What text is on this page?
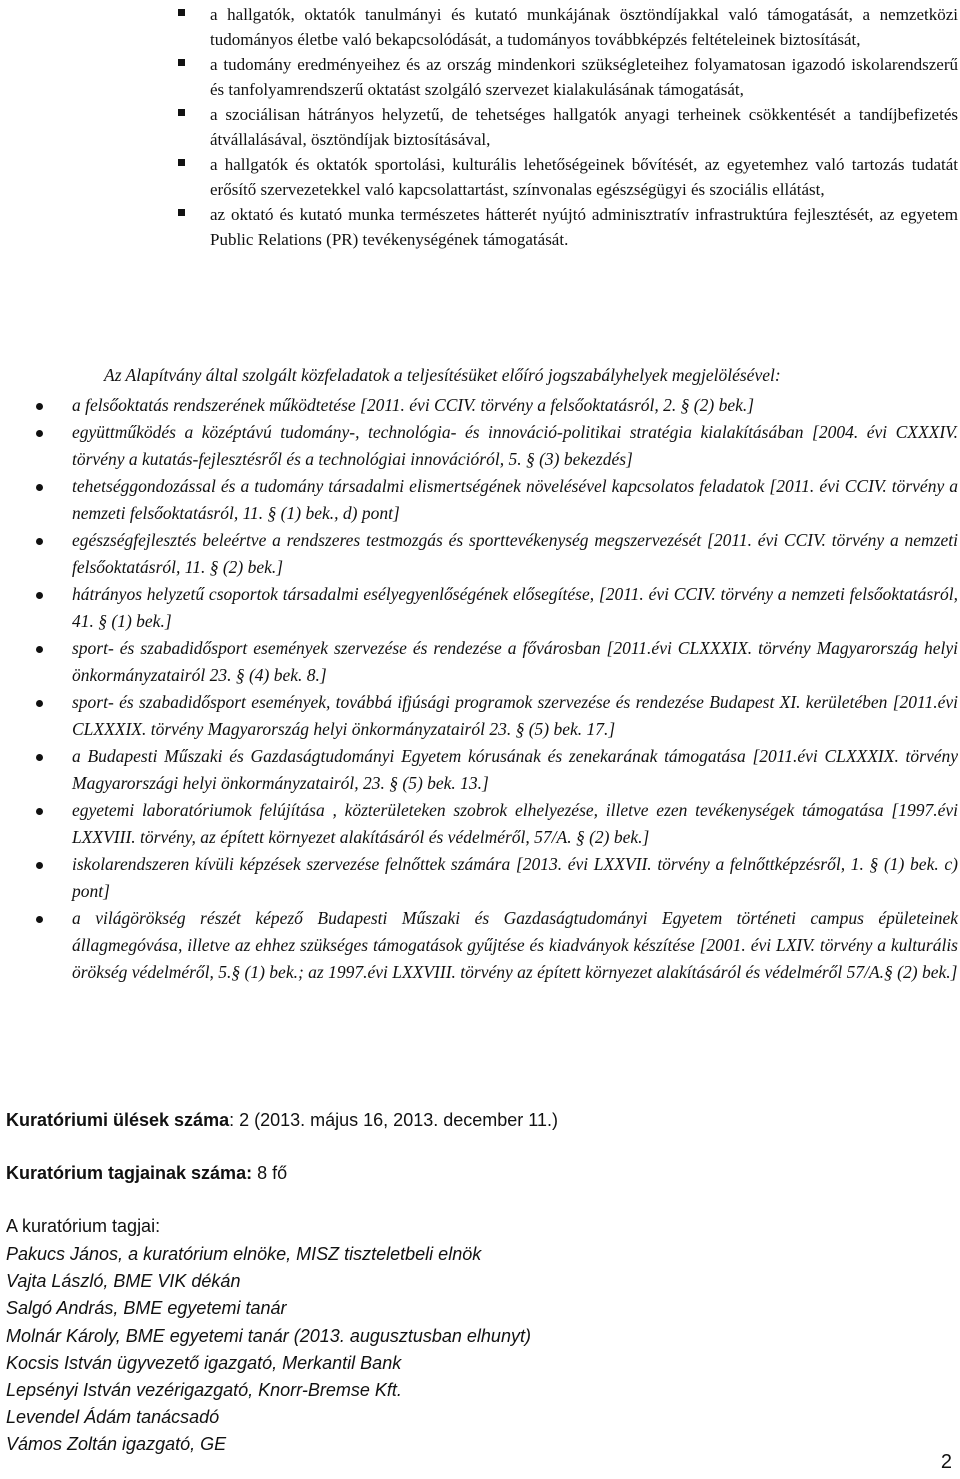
a hallgatók, oktatók tanulmányi és kutató munkájának ösztöndíjakkal való támogatását, a nemzetközi tudományos életbe való bekapcsolódását, a tudományos továbbképzés feltételeinek biztosítását,
a tudomány eredményeihez és az ország mindenkori szükségleteihez folyamatosan igazodó iskolarendszerű és tanfolyamrendszerű oktatást szolgáló szervezet kialakulásának támogatását,
a szociálisan hátrányos helyzetű, de tehetséges hallgatók anyagi terheinek csökkentését a tandíjbefizetés átvállalásával, ösztöndíjak biztosításával,
a hallgatók és oktatók sportolási, kulturális lehetőségeinek bővítését, az egyetemhez való tartozás tudatát erősítő szervezetekkel való kapcsolattartást, színvonalas egészségügyi és szociális ellátást,
az oktató és kutató munka természetes hátterét nyújtó adminisztratív infrastruktúra fejlesztését, az egyetem Public Relations (PR) tevékenységének támogatását.
Az Alapítvány által szolgált közfeladatok a teljesítésüket előíró jogszabályhelyek megjelölésével:
a felsőoktatás rendszerének működtetése [2011. évi CCIV. törvény a felsőoktatásról, 2. § (2) bek.]
együttműködés a középtávú tudomány-, technológia- és innováció-politikai stratégia kialakításában [2004. évi CXXXIV. törvény a kutatás-fejlesztésről és a technológiai innovációról, 5. § (3) bekezdés]
tehetséggondozással és a tudomány társadalmi elismertségének növelésével kapcsolatos feladatok [2011. évi CCIV. törvény a nemzeti felsőoktatásról, 11. § (1) bek., d) pont]
egészségfejlesztés beleértve a rendszeres testmozgás és sporttevékenység megszervezését [2011. évi CCIV. törvény a nemzeti felsőoktatásról, 11. § (2) bek.]
hátrányos helyzetű csoportok társadalmi esélyegyenlőségének elősegítése, [2011. évi CCIV. törvény a nemzeti felsőoktatásról, 41. § (1) bek.]
sport- és szabadidősport események szervezése és rendezése a fővárosban [2011.évi CLXXXIX. törvény Magyarország helyi önkormányzatairól 23. § (4) bek. 8.]
sport- és szabadidősport események, továbbá ifjúsági programok szervezése és rendezése Budapest XI. kerületében [2011.évi CLXXXIX. törvény Magyarország helyi önkormányzatairól 23. § (5) bek. 17.]
a Budapesti Műszaki és Gazdaságtudományi Egyetem kórusának és zenekarának támogatása [2011.évi CLXXXIX. törvény Magyarországi helyi önkormányzatairól, 23. § (5) bek. 13.]
egyetemi laboratóriumok felújítása , közterületeken szobrok elhelyezése, illetve ezen tevékenységek támogatása [1997.évi LXXVIII. törvény, az épített környezet alakításáról és védelméről, 57/A. § (2) bek.]
iskolarendszeren kívüli képzések szervezése felnőttek számára [2013. évi LXXVII. törvény a felnőttképzésről, 1. § (1) bek. c) pont]
a világörökség részét képező Budapesti Műszaki és Gazdaságtudományi Egyetem történeti campus épületeinek állagmegóvása, illetve az ehhez szükséges támogatások gyűjtése és kiadványok készítése [2001. évi LXIV. törvény a kulturális örökség védelméről, 5.§ (1) bek.; az 1997.évi LXXVIII. törvény az épített környezet alakításáról és védelméről 57/A.§ (2) bek.]
Kuratóriumi ülések száma: 2 (2013. május 16, 2013. december 11.)
Kuratórium tagjainak száma: 8 fő
A kuratórium tagjai:
Pakucs János, a kuratórium elnöke, MISZ tiszteletbeli elnök
Vajta László, BME VIK dékán
Salgó András, BME egyetemi tanár
Molnár Károly, BME egyetemi tanár (2013. augusztusban elhunyt)
Kocsis István ügyvezető igazgató, Merkantil Bank
Lepsényi István vezérigazgató, Knorr-Bremse Kft.
Levendel Ádám tanácsadó
Vámos Zoltán igazgató, GE
2
